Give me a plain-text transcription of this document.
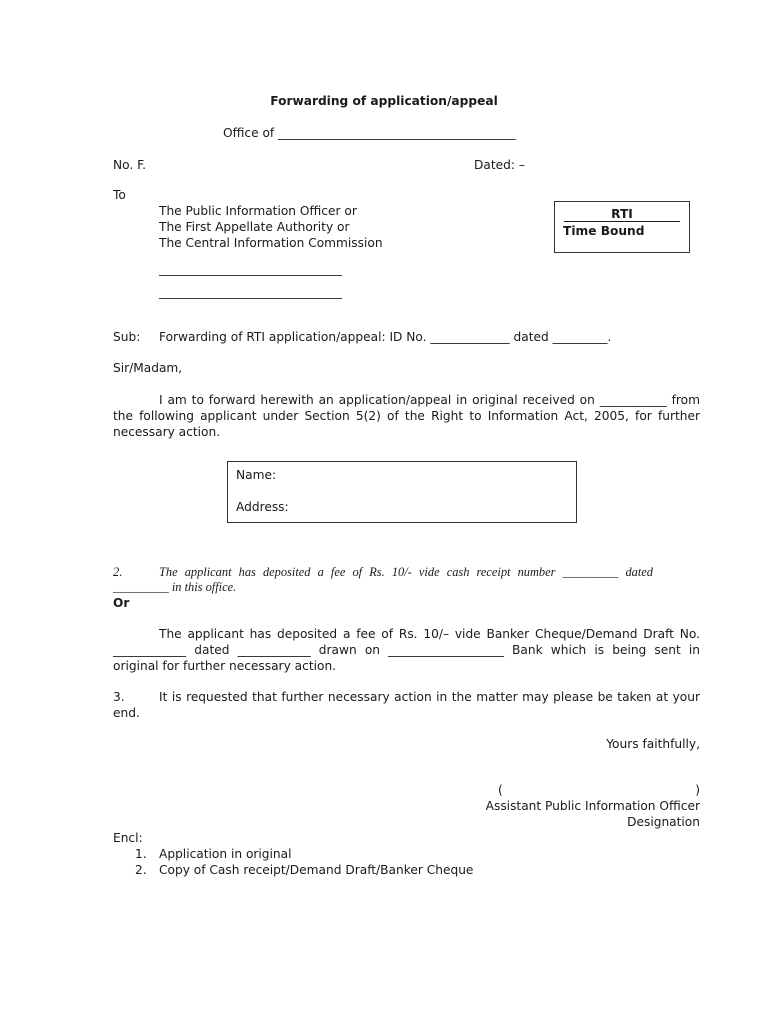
Forwarding of application/appeal
Office of _______________________________________
No. F.	Dated: –
To
The Public Information Officer or
The First Appellate Authority or
The Central Information Commission
______________________________
______________________________
RTI
Time Bound
Sub: Forwarding of RTI application/appeal: ID No. _____________ dated _________.
Sir/Madam,
I am to forward herewith an application/appeal in original received on ___________ from the following applicant under Section 5(2) of the Right to Information Act, 2005, for further necessary action.
Name:
Address:
2.	The applicant has deposited a fee of Rs. 10/- vide cash receipt number _________ dated
_________ in this office.
Or
The applicant has deposited a fee of Rs. 10/– vide Banker Cheque/Demand Draft No. ____________ dated ____________ drawn on ___________________ Bank which is being sent in original for further necessary action.
3.	It is requested that further necessary action in the matter may please be taken at your end.
Yours faithfully,
(	)
Assistant Public Information Officer
Designation
Encl:
1. Application in original
2. Copy of Cash receipt/Demand Draft/Banker Cheque
